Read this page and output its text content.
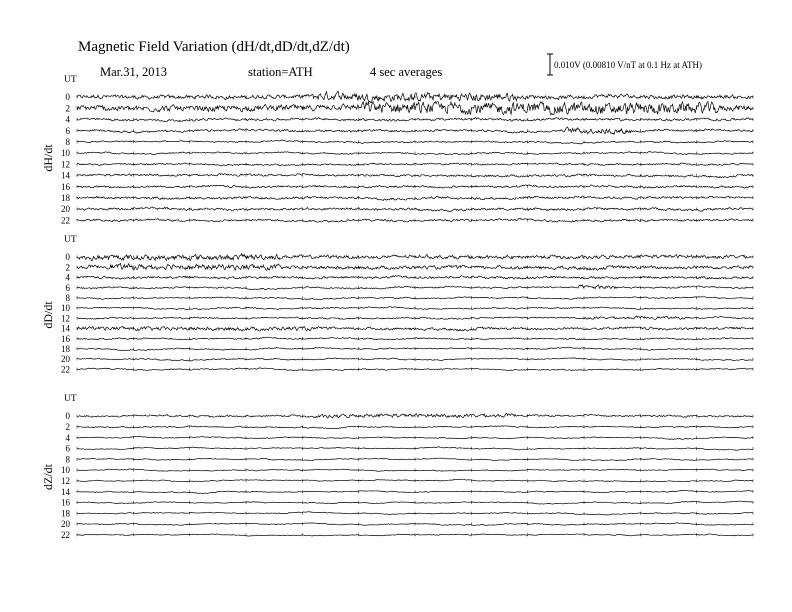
Magnetic Field Variation (dH/dt,dD/dt,dZ/dt)
Mar.31, 2013	station=ATH	4 sec averages	0.010V (0.00810 V/nT at 0.1 Hz at ATH)
UT
dH/dt
0
2
4
6
8
10
12
14
16
18
20
22
UT
dD/dt
0
2
4
6
8
10
12
14
16
18
20
22
UT
dZ/dt
0
2
4
6
8
10
12
14
16
18
20
22
